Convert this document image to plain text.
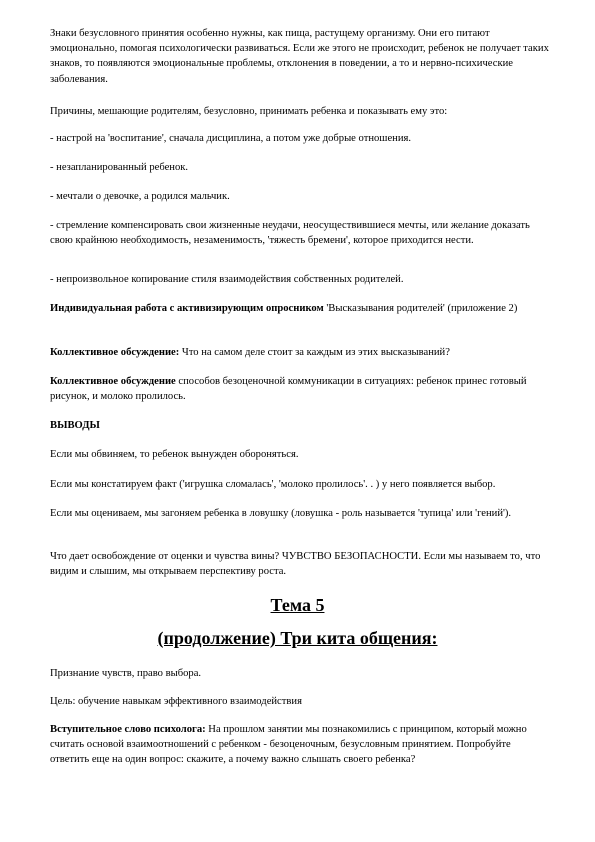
Знаки безусловного принятия особенно нужны, как пища, растущему организму. Они его питают эмоционально, помогая психологически развиваться. Если же этого не происходит, ребенок не получает таких знаков, то появляются эмоциональные проблемы, отклонения в поведении, а то и нервно-психические заболевания.

Причины, мешающие родителям, безусловно, принимать ребенка и показывать ему это:

- настрой на 'воспитание', сначала дисциплина, а потом уже добрые отношения.

- незапланированный ребенок.

- мечтали о девочке, а родился мальчик.

- стремление компенсировать свои жизненные неудачи, неосуществившиеся мечты, или желание доказать свою крайнюю необходимость, незаменимость, 'тяжесть бремени', которое приходится нести.

- непроизвольное копирование стиля взаимодействия собственных родителей.

Индивидуальная работа с активизирующим опросником 'Высказывания родителей' (приложение 2)

Коллективное обсуждение: Что на самом деле стоит за каждым из этих высказываний?

Коллективное обсуждение способов безоценочной коммуникации в ситуациях: ребенок принес готовый рисунок, и молоко пролилось.

ВЫВОДЫ

Если мы обвиняем, то ребенок вынужден обороняться.

Если мы констатируем факт ('игрушка сломалась', 'молоко пролилось'. . ) у него появляется выбор.

Если мы оцениваем, мы загоняем ребенка в ловушку (ловушка - роль называется 'тупица' или 'гений').

Что дает освобождение от оценки и чувства вины? ЧУВСТВО БЕЗОПАСНОСТИ. Если мы называем то, что видим и слышим, мы открываем перспективу роста.

Тема 5

(продолжение) Три кита общения:

Признание чувств, право выбора.

Цель: обучение навыкам эффективного взаимодействия

Вступительное слово психолога: На прошлом занятии мы познакомились с принципом, который можно считать основой взаимоотношений с ребенком - безоценочным, безусловным принятием. Попробуйте ответить еще на один вопрос: скажите, а почему важно слышать своего ребенка?
